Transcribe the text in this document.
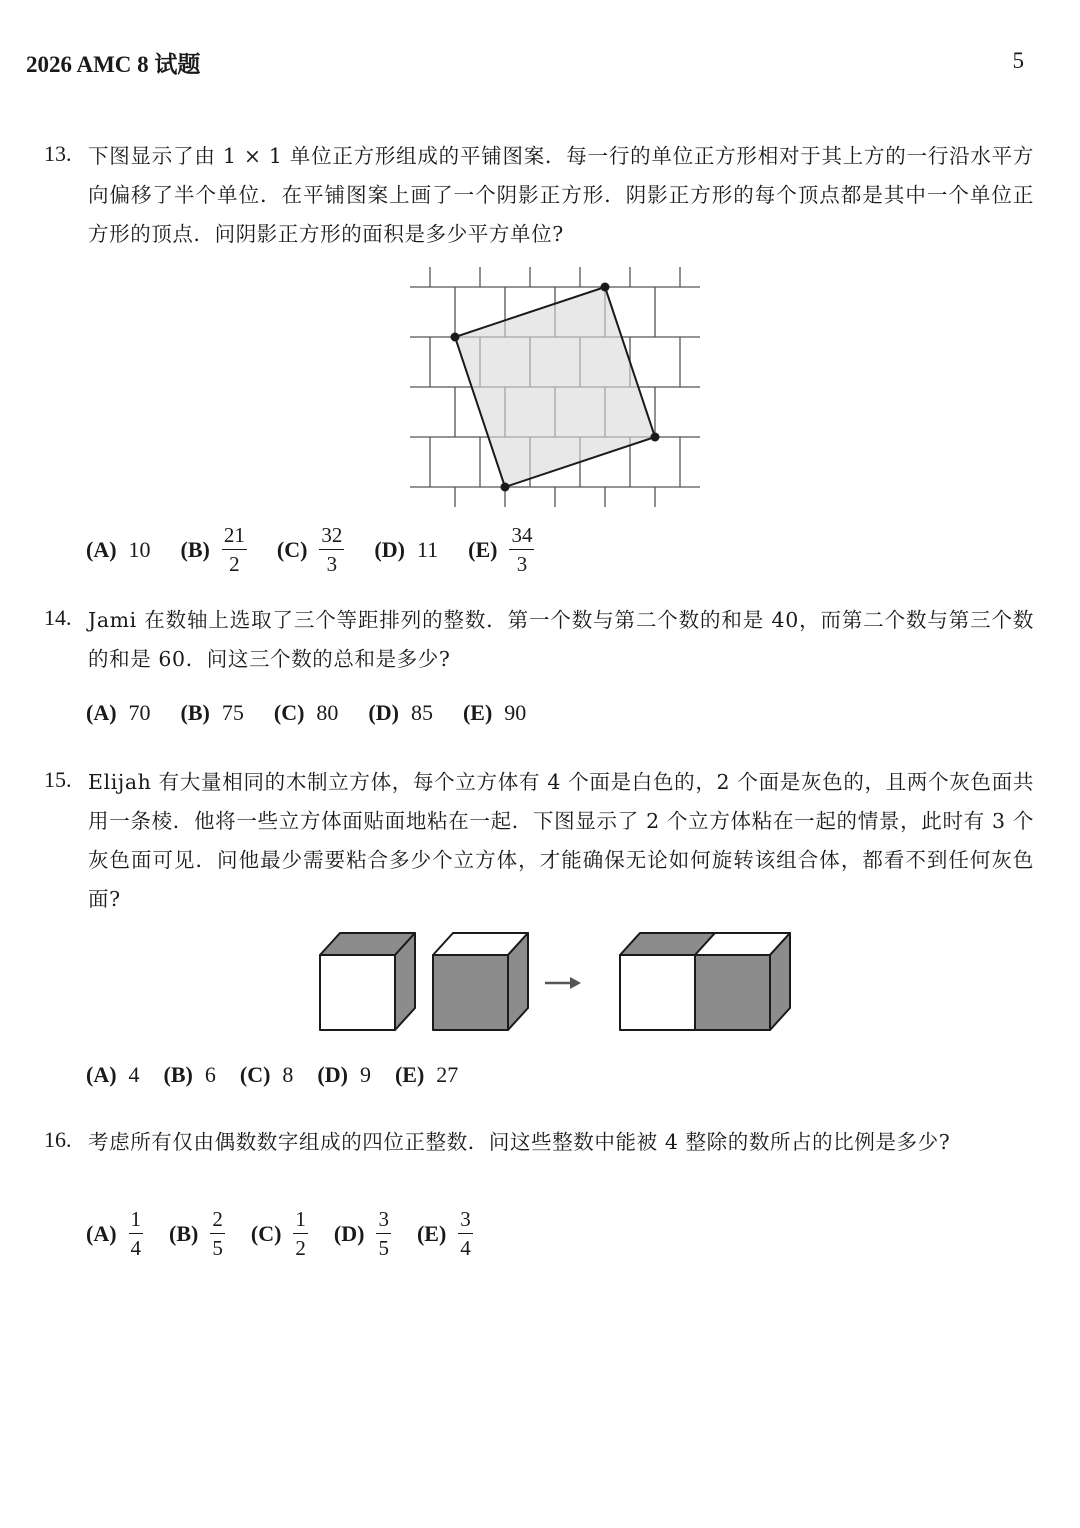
2026 AMC 8 试题	5
13. 下图显示了由 1 × 1 单位正方形组成的平铺图案．每一行的单位正方形相对于其上方的一行沿水平方向偏移了半个单位．在平铺图案上画了一个阴影正方形．阴影正方形的每个顶点都是其中一个单位正方形的顶点．问阴影正方形的面积是多少平方单位?
(A) 10 $(B) \frac{21}{2} (C) \frac{32}{3} (D)$ 11 $(E) \frac{34}{3}$
14. Jami 在数轴上选取了三个等距排列的整数．第一个数与第二个数的和是 40，而第二个数与第三个数的和是 60．问这三个数的总和是多少?
(A) 70 (B) 75 (C) 80 (D) 85 (E) 90
15. Elijah 有大量相同的木制立方体，每个立方体有 4 个面是白色的，2 个面是灰色的，且两个灰色面共用一条棱．他将一些立方体面贴面地粘在一起．下图显示了 2 个立方体粘在一起的情景，此时有 3 个灰色面可见．问他最少需要粘合多少个立方体，才能确保无论如何旋转该组合体，都看不到任何灰色面?
(A) 4 (B) 6 (C) 8 (D) 9 (E) 27
16. 考虑所有仅由偶数数字组成的四位正整数．问这些整数中能被 4 整除的数所占的比例是多少?
$(A) \frac{1}{4} (B) \frac{2}{5} (C) \frac{1}{2} (D) \frac{3}{5} (E) \frac{3}{4}$
